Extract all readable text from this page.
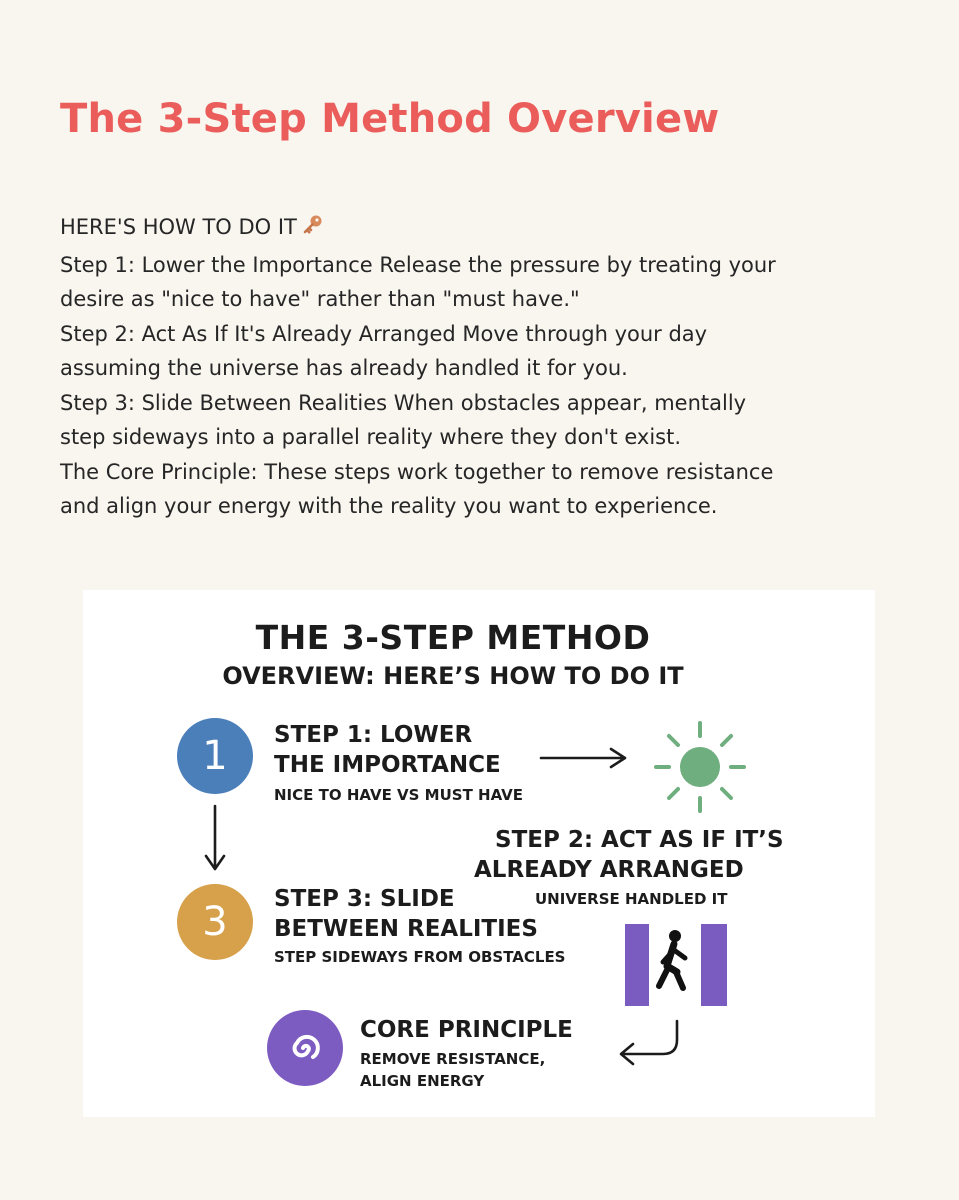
The 3-Step Method Overview

HERE'S HOW TO DO IT

Step 1: Lower the Importance Release the pressure by treating your

desire as "nice to have" rather than "must have."

Step 2: Act As If It's Already Arranged Move through your day

assuming the universe has already handled it for you.

Step 3: Slide Between Realities When obstacles appear, mentally

step sideways into a parallel reality where they don't exist.

The Core Principle: These steps work together to remove resistance

and align your energy with the reality you want to experience.

THE 3-STEP METHOD
OVERVIEW: HERE’S HOW TO DO IT
1	STEP 1: LOWER
THE IMPORTANCE
NICE TO HAVE VS MUST HAVE
STEP 2: ACT AS IF IT’S
ALREADY ARRANGED
UNIVERSE HANDLED IT
3	STEP 3: SLIDE
BETWEEN REALITIES
STEP SIDEWAYS FROM OBSTACLES
CORE PRINCIPLE
REMOVE RESISTANCE,
ALIGN ENERGY
